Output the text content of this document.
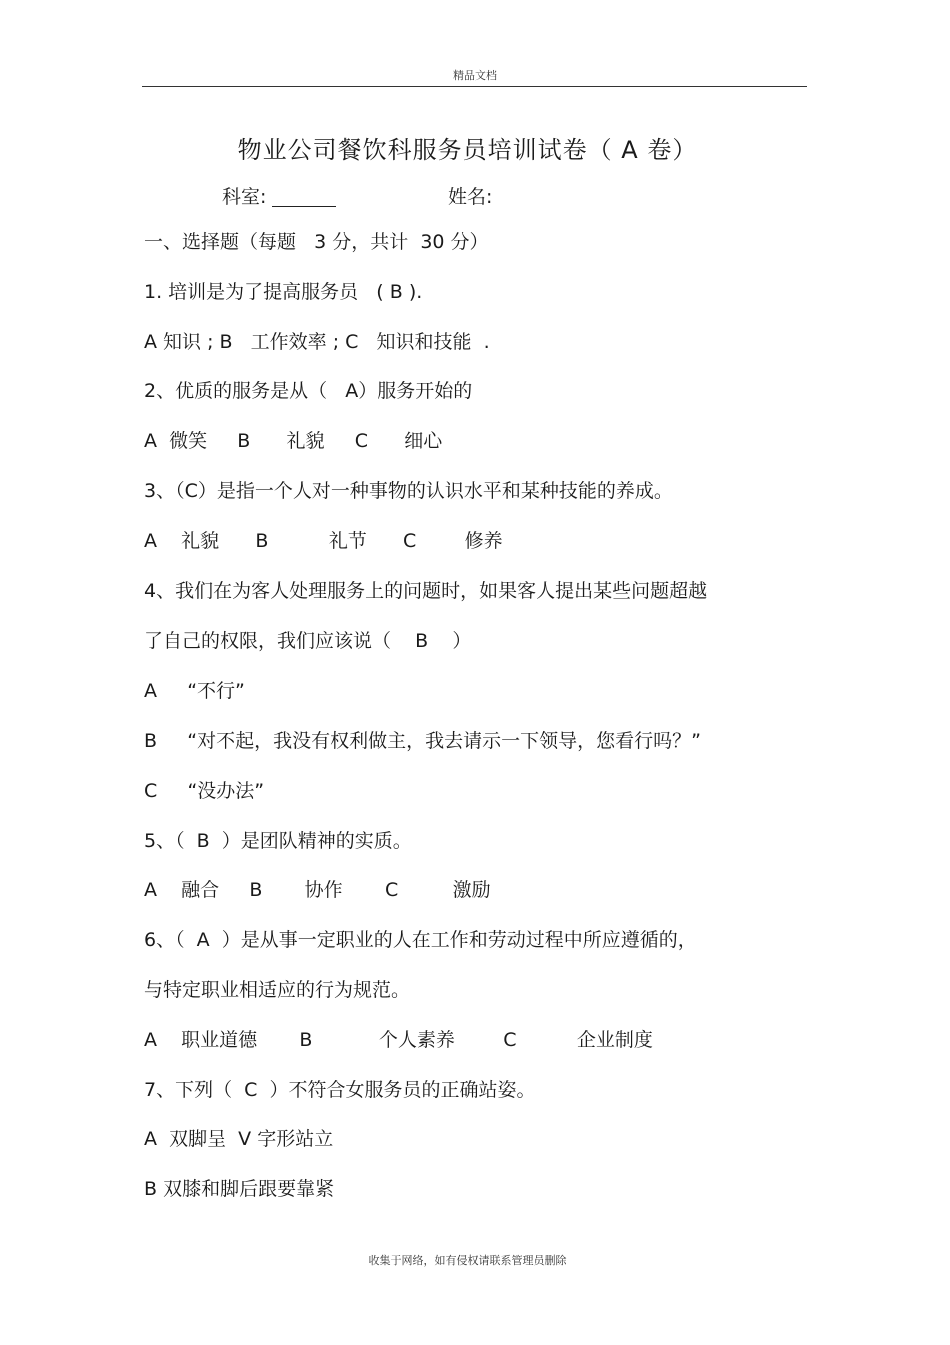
精品文档
物业公司餐饮科服务员培训试卷（ A 卷）
科室:	姓名:
一、选择题（每题   3 分，共计  30 分）
1. 培训是为了提高服务员   ( B ).
A 知识 ; B   工作效率 ; C   知识和技能  .
2、优质的服务是从（   A）服务开始的
A  微笑     B      礼貌     C      细心
3、（C）是指一个人对一种事物的认识水平和某种技能的养成。
A    礼貌      B          礼节      C        修养
4、我们在为客人处理服务上的问题时，如果客人提出某些问题超越
了自己的权限，我们应该说（    B    ）
A     “不行”
B     “对不起，我没有权利做主，我去请示一下领导，您看行吗？”
C     “没办法”
5、（  B  ）是团队精神的实质。
A    融合     B       协作       C         激励
6、（  A  ）是从事一定职业的人在工作和劳动过程中所应遵循的，
与特定职业相适应的行为规范。
A    职业道德       B           个人素养        C          企业制度
7、下列（  C  ）不符合女服务员的正确站姿。
A  双脚呈  V 字形站立
B 双膝和脚后跟要靠紧
收集于网络，如有侵权请联系管理员删除
